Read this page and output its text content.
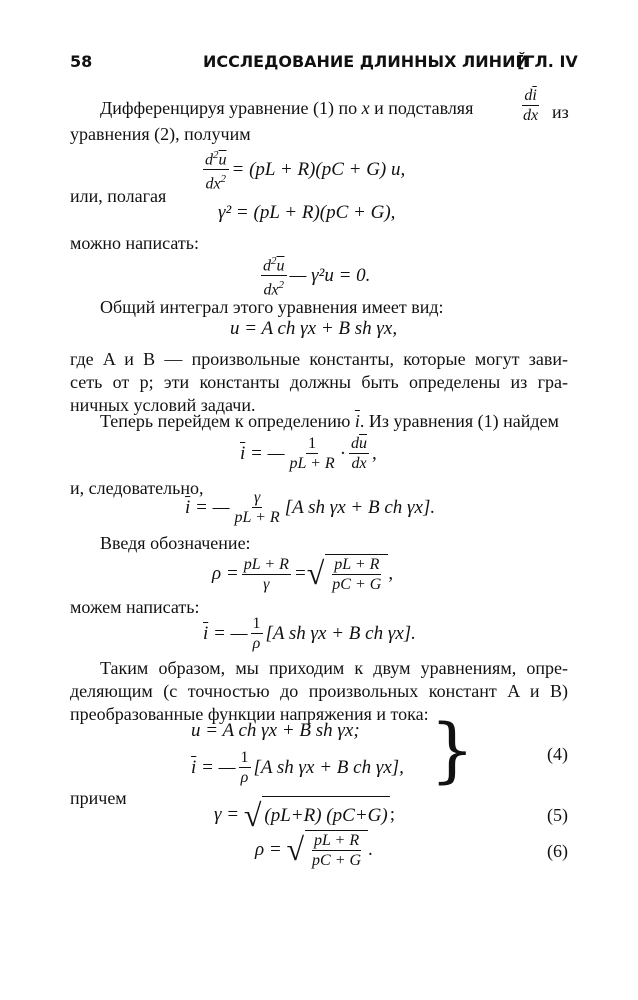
58	ИССЛЕДОВАНИЕ ДЛИННЫХ ЛИНИЙ
[ГЛ. IV
Дифференцируя уравнение (1) по x и подставляя	$\frac{d\overline{i}}{dx}$ из
уравнения (2), получим
$\frac{d^2\overline{u}}{dx^2} = (pL + R)(pC + G)$ u,
или, полагая
γ² = (pL + R)(pC + G),
можно написать:
$\frac{d^2\overline{u}}{dx^2}$ — γ²u = 0.
Общий интеграл этого уравнения имеет вид:
u = A ch γx + B sh γx,
где A и B — произвольные константы, которые могут зави-
сеть от p; эти константы должны быть определены из гра-
ничных условий задачи.
Теперь перейдем к определению $\overline{i}$. Из уравнения (1) найдем
$\overline{i}$
= — $\frac{1}{pL + R} \cdot \frac{d\overline{u}}{dx}$ ,
и, следовательно,
$\overline{i}$ = — $\frac{\gamma}{pL + R} [A$ sh γx + B ch γx].
Введя обозначение:
$\rho = \frac{pL + R}{\gamma}$ = √ $\frac{pL + R}{pC + G}$ ,
можем написать:
$\overline{i}$ = — $\frac{1}{\rho} [A$ sh γx + B ch γx].
Таким образом, мы приходим к двум уравнениям, опре-
деляющим (с точностью до произвольных констант A и B)
преобразованные функции напряжения и тока:
u = A ch γx + B sh γx;
$\overline{i}$ = — $\frac{1}{\rho} [A$ sh γx + B ch γx], }	(4)
причем
γ =
√ ( pL + R ) ( pC + G ) ;	(5)
ρ =
√ $\frac{pL + R}{pC + G}$ .	(6)
